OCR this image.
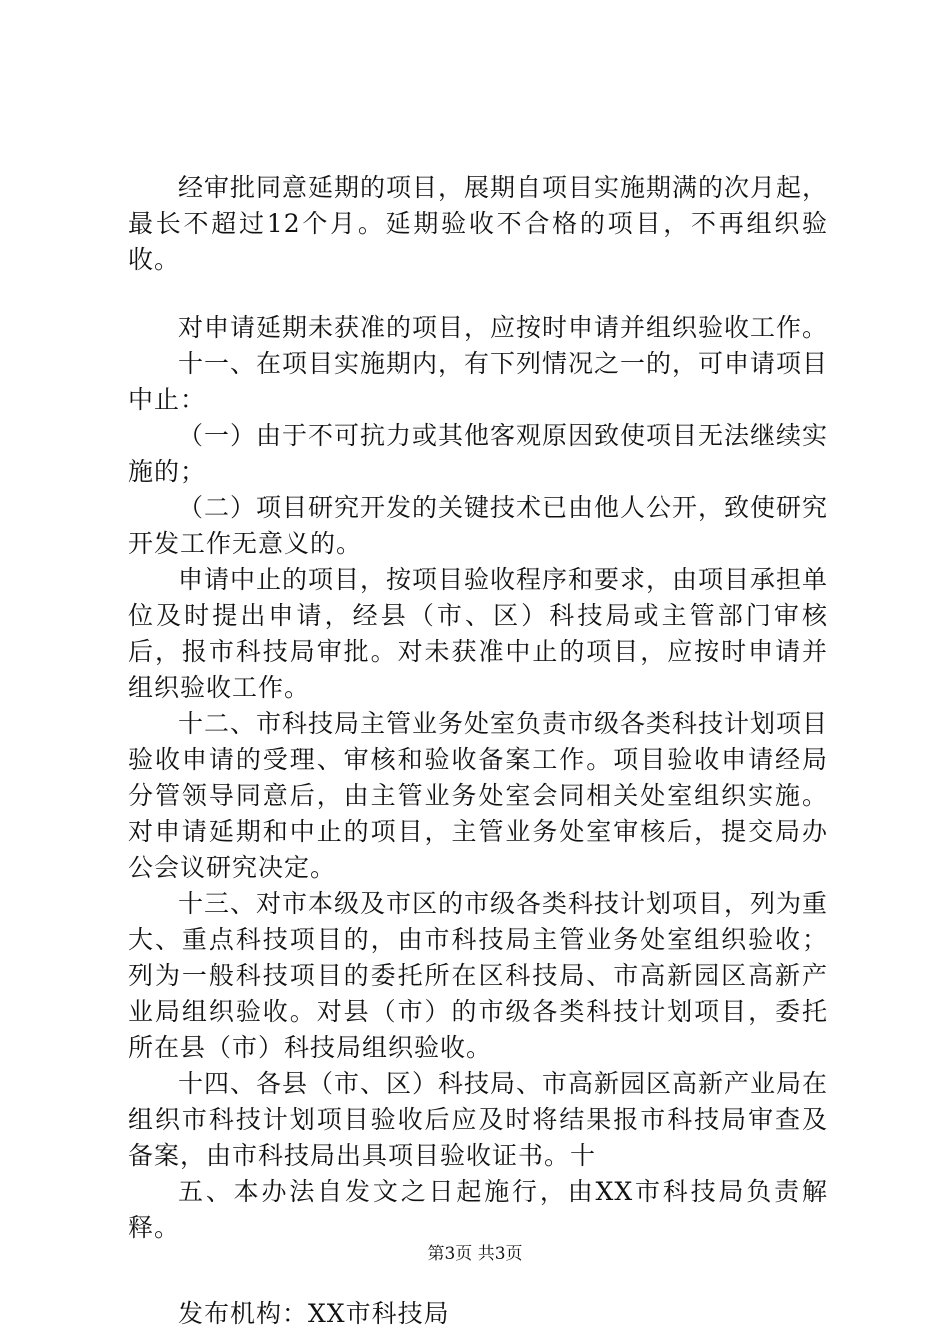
经审批同意延期的项目，展期自项目实施期满的次月起，最长不超过12个月。延期验收不合格的项目，不再组织验收。

对申请延期未获准的项目，应按时申请并组织验收工作。

十一、在项目实施期内，有下列情况之一的，可申请项目中止：

（一）由于不可抗力或其他客观原因致使项目无法继续实施的；

（二）项目研究开发的关键技术已由他人公开，致使研究开发工作无意义的。

申请中止的项目，按项目验收程序和要求，由项目承担单位及时提出申请，经县（市、区）科技局或主管部门审核后，报市科技局审批。对未获准中止的项目，应按时申请并组织验收工作。

十二、市科技局主管业务处室负责市级各类科技计划项目验收申请的受理、审核和验收备案工作。项目验收申请经局分管领导同意后，由主管业务处室会同相关处室组织实施。对申请延期和中止的项目，主管业务处室审核后，提交局办公会议研究决定。

十三、对市本级及市区的市级各类科技计划项目，列为重大、重点科技项目的，由市科技局主管业务处室组织验收；列为一般科技项目的委托所在区科技局、市高新园区高新产业局组织验收。对县（市）的市级各类科技计划项目，委托所在县（市）科技局组织验收。

十四、各县（市、区）科技局、市高新园区高新产业局在组织市科技计划项目验收后应及时将结果报市科技局审查及备案，由市科技局出具项目验收证书。十

五、本办法自发文之日起施行，由XX市科技局负责解释。

发布机构：XX市科技局

第3页 共3页
